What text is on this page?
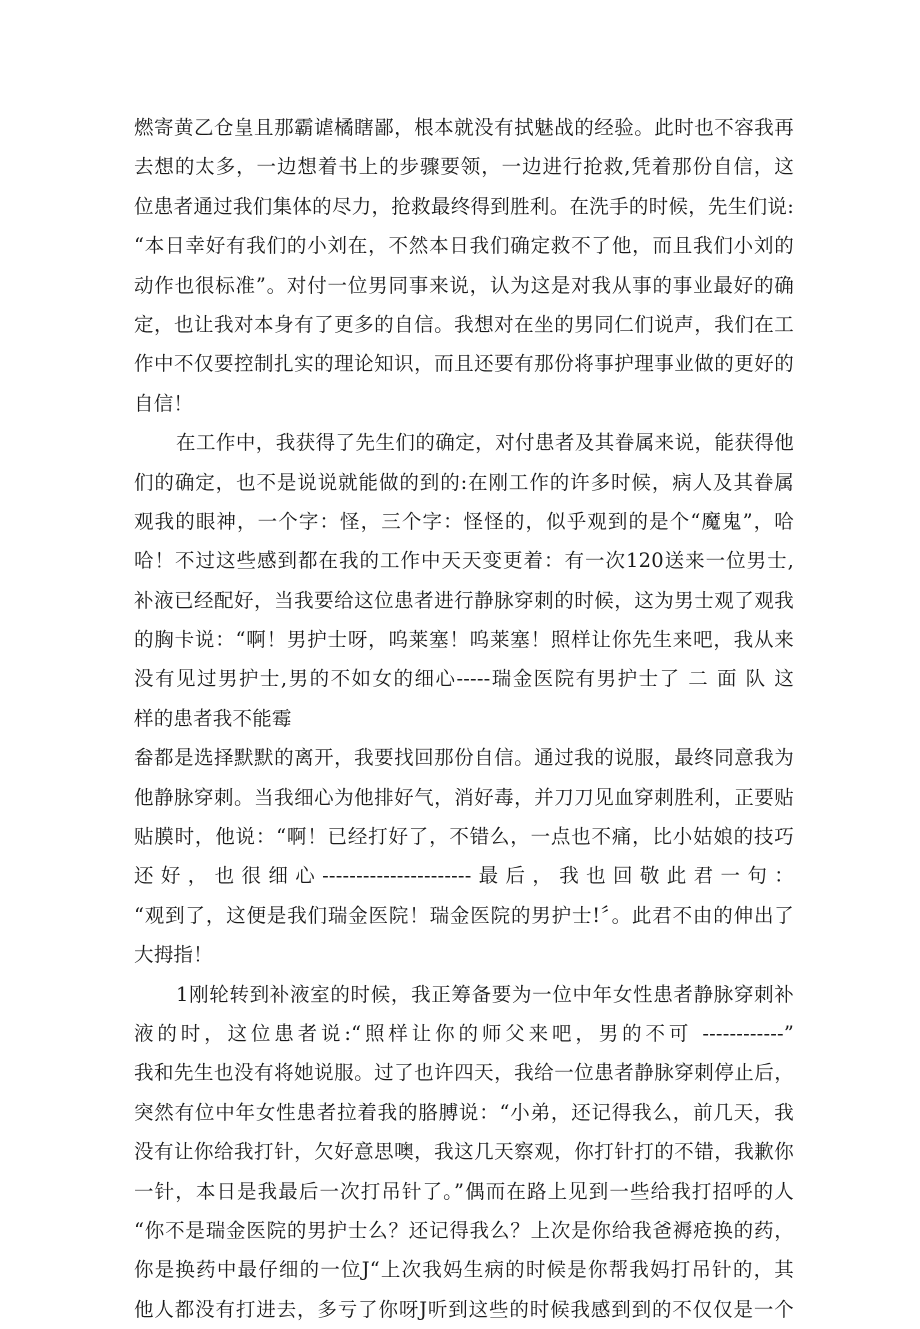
燃寄黄乙仓皇且那霸谑橘瞎鄙，根本就没有拭魅战的经验。此时也不容我再
去想的太多，一边想着书上的步骤要领，一边进行抢救,凭着那份自信，这
位患者通过我们集体的尽力，抢救最终得到胜利。在洗手的时候，先生们说:
“本日幸好有我们的小刘在，不然本日我们确定救不了他，而且我们小刘的
动作也很标准”。对付一位男同事来说，认为这是对我从事的事业最好的确
定，也让我对本身有了更多的自信。我想对在坐的男同仁们说声，我们在工
作中不仅要控制扎实的理论知识，而且还要有那份将事护理事业做的更好的
自信！
在工作中，我获得了先生们的确定，对付患者及其眷属来说，能获得他
们的确定，也不是说说就能做的到的:在刚工作的许多时候，病人及其眷属
观我的眼神，一个字：怪，三个字：怪怪的，似乎观到的是个“魔鬼”，哈
哈！不过这些感到都在我的工作中天天变更着：有一次120送来一位男士,
补液已经配好，当我要给这位患者进行静脉穿刺的时候，这为男士观了观我
的胸卡说：“啊！男护士呀，呜莱塞！呜莱塞！照样让你先生来吧，我从来
没有见过男护士,男的不如女的细心-----瑞金医院有男护士了 二 面 队 这
样的患者我不能霉
畚都是选择默默的离开，我要找回那份自信。通过我的说服，最终同意我为
他静脉穿刺。当我细心为他排好气，消好毒，并刀刀见血穿刺胜利，正要贴
贴膜时，他说：“啊！已经打好了，不错么，一点也不痛，比小姑娘的技巧
还好，也很细心----------------------最后，我也回敬此君一句：
“观到了，这便是我们瑞金医院！瑞金医院的男护士!〞。此君不由的伸出了
大拇指！
1刚轮转到补液室的时候，我正筹备要为一位中年女性患者静脉穿刺补
液的时，这位患者说:“照样让你的师父来吧，男的不可 ------------”
我和先生也没有将她说服。过了也许四天，我给一位患者静脉穿刺停止后，
突然有位中年女性患者拉着我的胳膊说：“小弟，还记得我么，前几天，我
没有让你给我打针，欠好意思噢，我这几天察观，你打针打的不错，我歉你
一针，本日是我最后一次打吊针了。”偶而在路上见到一些给我打招呼的人
“你不是瑞金医院的男护士么？还记得我么？上次是你给我爸褥疮换的药，
你是换药中最仔细的一位J“上次我妈生病的时候是你帮我妈打吊针的，其
他人都没有打进去，多亏了你呀J听到这些的时候我感到到的不仅仅是一个
